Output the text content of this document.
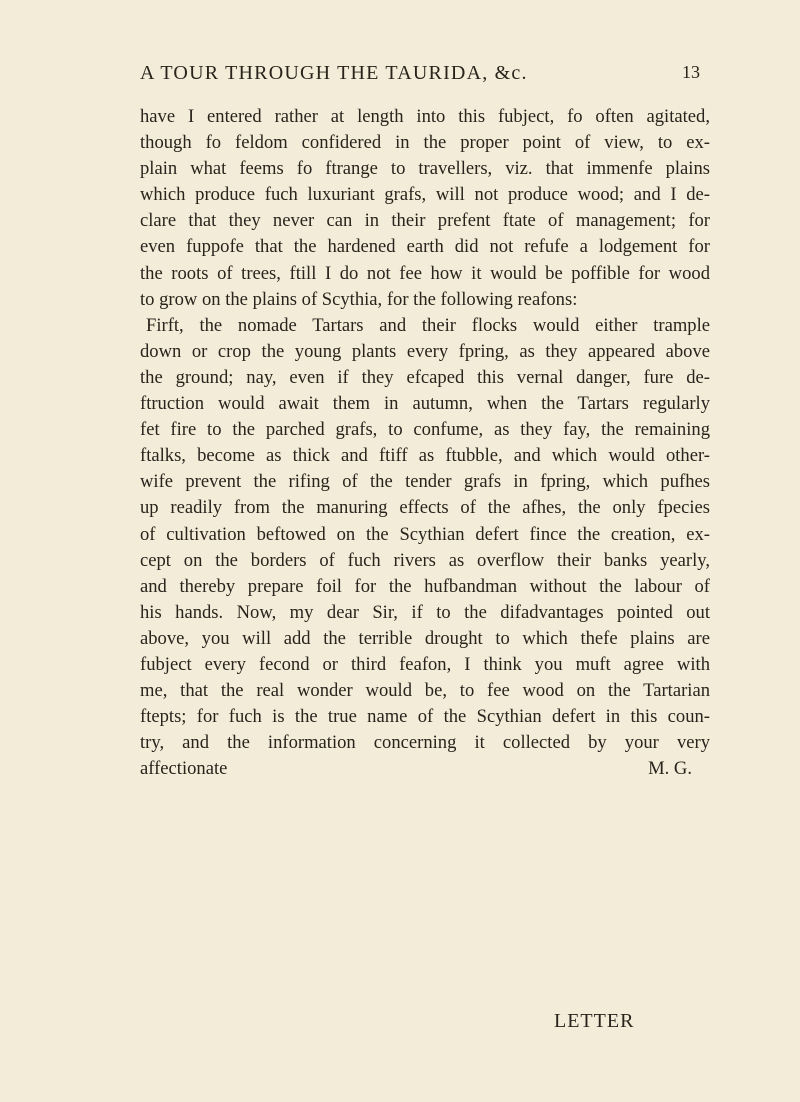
A TOUR THROUGH THE TAURIDA, &c.	13
have I entered rather at length into this fubject, fo often agitated,
though fo feldom confidered in the proper point of view, to ex-
plain what feems fo ftrange to travellers, viz. that immenfe plains
which produce fuch luxuriant grafs, will not produce wood; and I de-
clare that they never can in their prefent ftate of management; for
even fuppofe that the hardened earth did not refufe a lodgement for
the roots of trees, ftill I do not fee how it would be poffible for wood
to grow on the plains of Scythia, for the following reafons:
Firft, the nomade Tartars and their flocks would either trample
down or crop the young plants every fpring, as they appeared above
the ground; nay, even if they efcaped this vernal danger, fure de-
ftruction would await them in autumn, when the Tartars regularly
fet fire to the parched grafs, to confume, as they fay, the remaining
ftalks, become as thick and ftiff as ftubble, and which would other-
wife prevent the rifing of the tender grafs in fpring, which pufhes
up readily from the manuring effects of the afhes, the only fpecies
of cultivation beftowed on the Scythian defert fince the creation, ex-
cept on the borders of fuch rivers as overflow their banks yearly,
and thereby prepare foil for the hufbandman without the labour of
his hands. Now, my dear Sir, if to the difadvantages pointed out
above, you will add the terrible drought to which thefe plains are
fubject every fecond or third feafon, I think you muft agree with
me, that the real wonder would be, to fee wood on the Tartarian
ftepts; for fuch is the true name of the Scythian defert in this coun-
try, and the information concerning it collected by your very
affectionate	M. G.
LETTER
